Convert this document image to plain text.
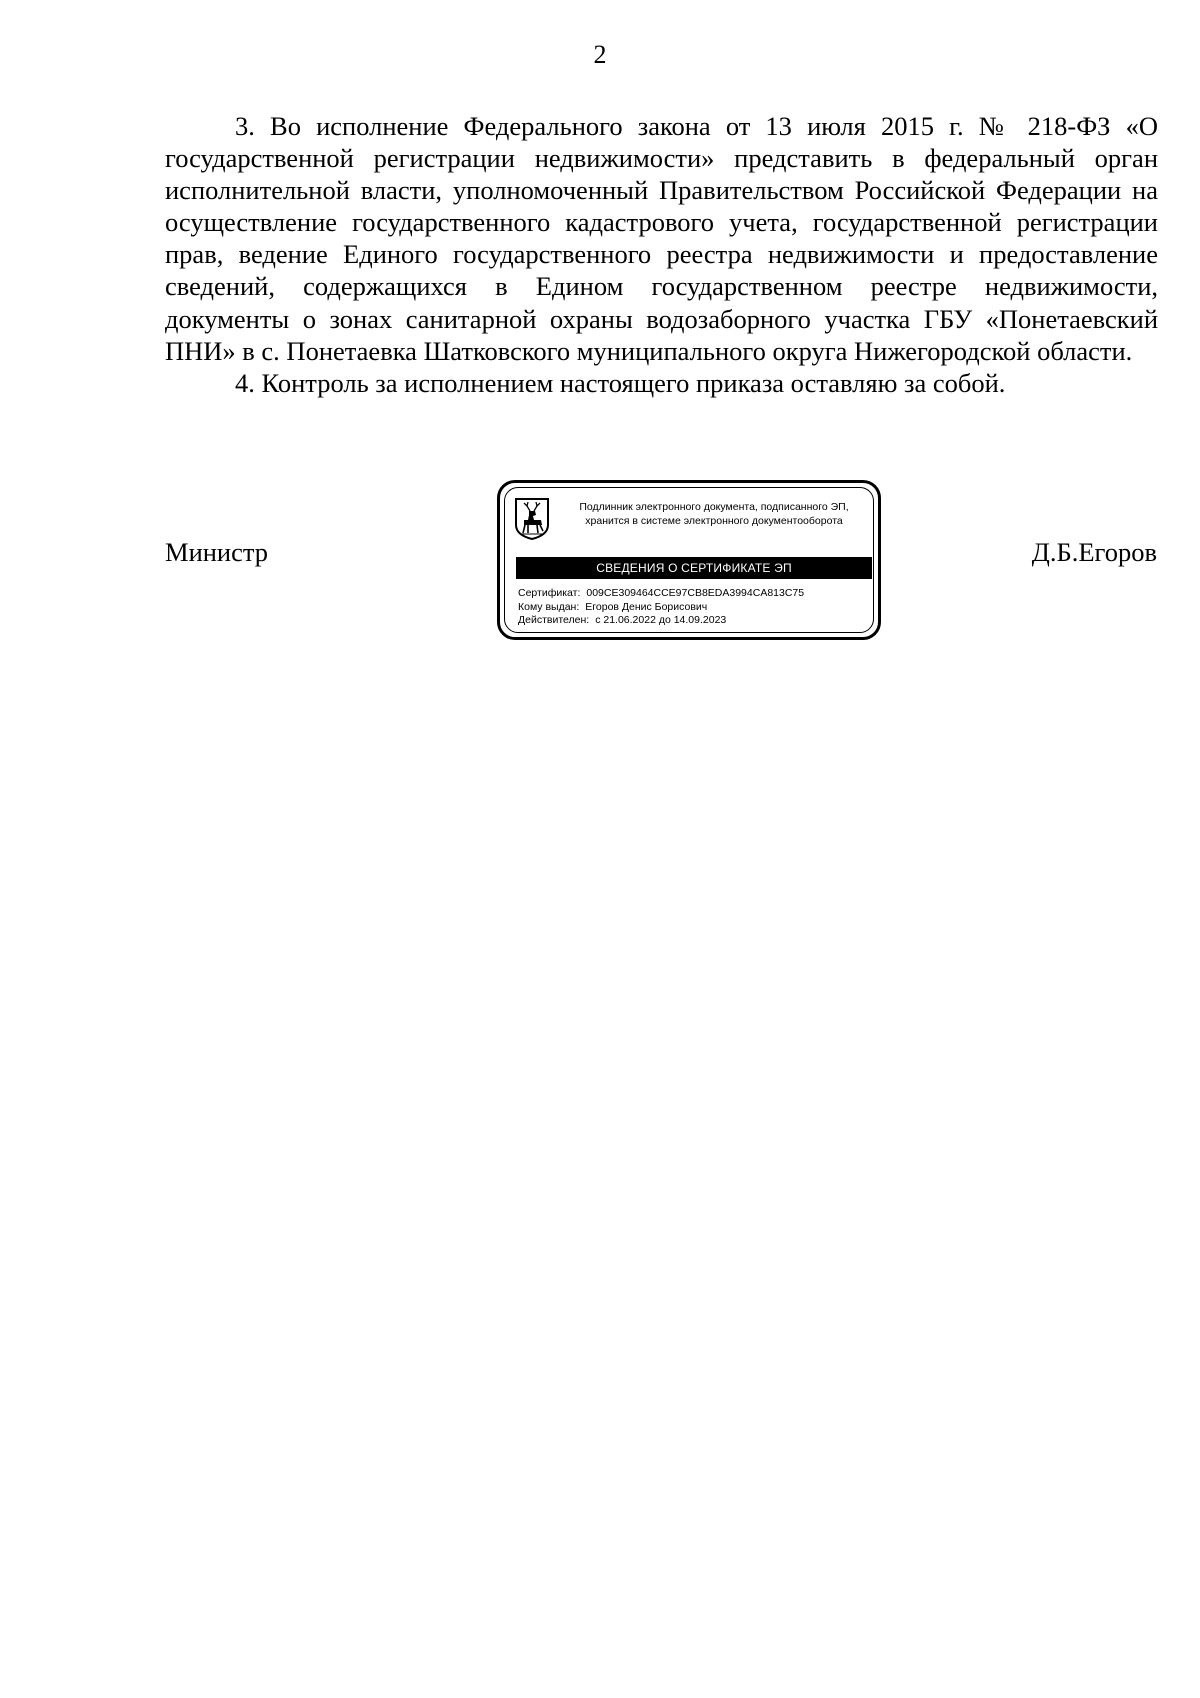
2

3. Во исполнение Федерального закона от 13 июля 2015 г. № 218-ФЗ «О государственной регистрации недвижимости» представить в федеральный орган исполнительной власти, уполномоченный Правительством Российской Федерации на осуществление государственного кадастрового учета, государственной регистрации прав, ведение Единого государственного реестра недвижимости и предоставление сведений, содержащихся в Едином государственном реестре недвижимости, документы о зонах санитарной охраны водозаборного участка ГБУ «Понетаевский ПНИ» в с. Понетаевка Шатковского муниципального округа Нижегородской области.

4. Контроль за исполнением настоящего приказа оставляю за собой.

Министр	Д.Б.Егоров
Подлинник электронного документа, подписанного ЭП,
хранится в системе электронного документооборота
СВЕДЕНИЯ О СЕРТИФИКАТЕ ЭП
Сертификат: 009CE309464CCE97CB8EDA3994CA813C75
Кому выдан: Егоров Денис Борисович
Действителен: с 21.06.2022 до 14.09.2023
